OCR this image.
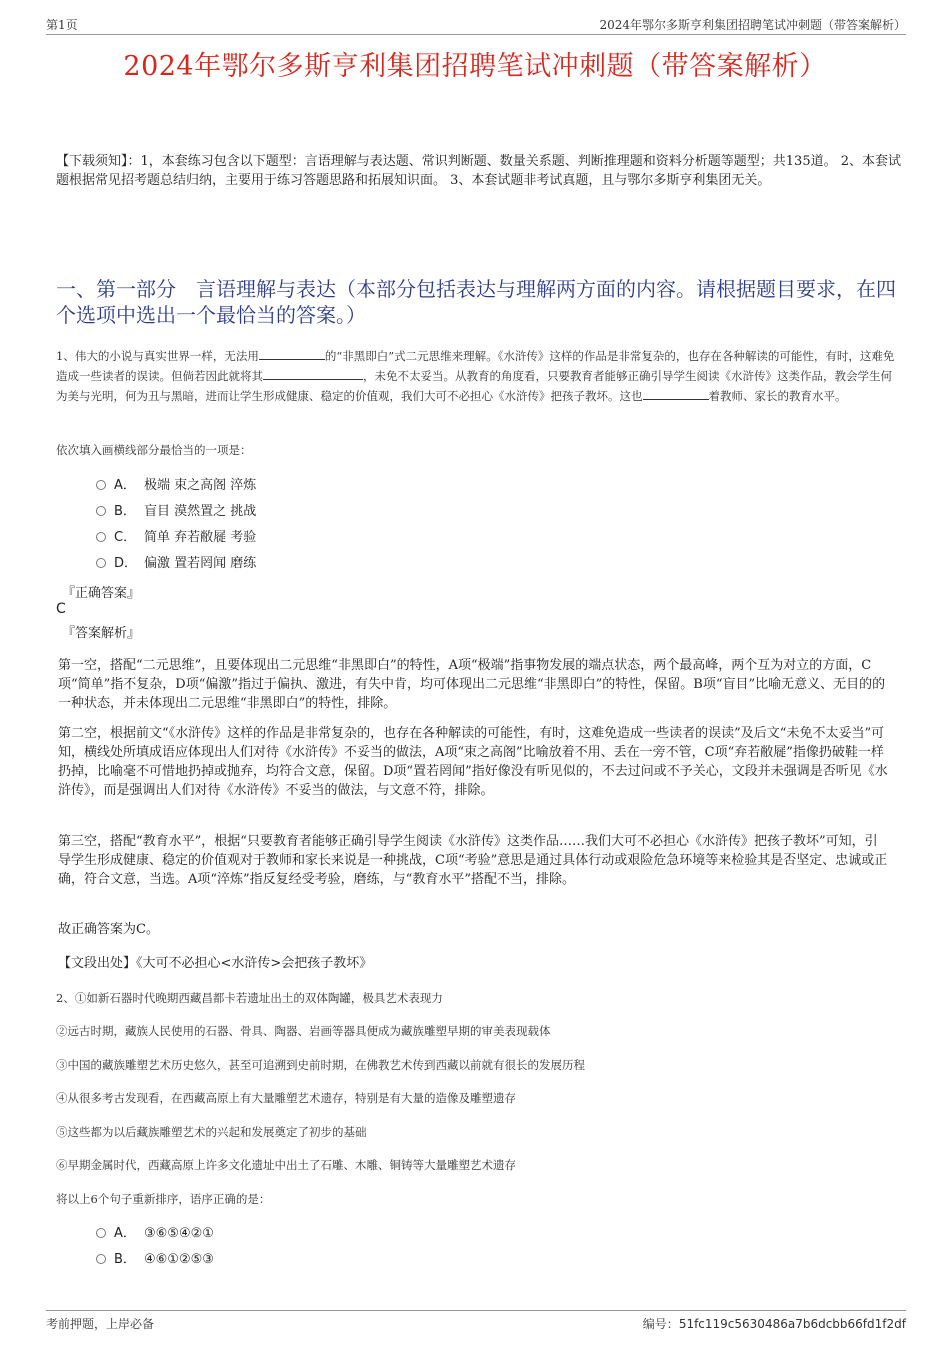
第1页	2024年鄂尔多斯亨利集团招聘笔试冲刺题（带答案解析）
2024年鄂尔多斯亨利集团招聘笔试冲刺题（带答案解析）
【下载须知】：1，本套练习包含以下题型：言语理解与表达题、常识判断题、数量关系题、判断推理题和资料分析题等题型；共135道。 2、本套试题根据常见招考题总结归纳，主要用于练习答题思路和拓展知识面。 3、本套试题非考试真题，且与鄂尔多斯亨利集团无关。
一、第一部分　言语理解与表达（本部分包括表达与理解两方面的内容。请根据题目要求，在四个选项中选出一个最恰当的答案。）
1、伟大的小说与真实世界一样，无法用	的“非黑即白”式二元思维来理解。《水浒传》这样的作品是非常复杂的，也存在各种解读的可能性，有时，这难免造成一些读者的误读。但倘若因此就将其	，未免不太妥当。从教育的角度看，只要教育者能够正确引导学生阅读《水浒传》这类作品，教会学生何为美与光明，何为丑与黑暗，进而让学生形成健康、稳定的价值观，我们大可不必担心《水浒传》把孩子教坏。这也	着教师、家长的教育水平。
依次填入画横线部分最恰当的一项是：
A． 极端 束之高阁 淬炼
B． 盲目 漠然置之 挑战
C． 简单 弃若敝屣 考验
D． 偏激 置若罔闻 磨练
『正确答案』
C
『答案解析』
第一空，搭配“二元思维”，且要体现出二元思维“非黑即白”的特性，A项“极端”指事物发展的端点状态，两个最高峰，两个互为对立的方面，C项“简单”指不复杂，D项“偏激”指过于偏执、激进，有失中肯，均可体现出二元思维“非黑即白”的特性，保留。B项“盲目”比喻无意义、无目的的一种状态，并未体现出二元思维“非黑即白”的特性，排除。
第二空，根据前文“《水浒传》这样的作品是非常复杂的，也存在各种解读的可能性，有时，这难免造成一些读者的误读”及后文“未免不太妥当”可知，横线处所填成语应体现出人们对待《水浒传》不妥当的做法，A项“束之高阁”比喻放着不用、丢在一旁不管，C项“弃若敝屣”指像扔破鞋一样扔掉，比喻毫不可惜地扔掉或抛弃，均符合文意，保留。D项“置若罔闻”指好像没有听见似的，不去过问或不予关心，文段并未强调是否听见《水浒传》，而是强调出人们对待《水浒传》不妥当的做法，与文意不符，排除。
第三空，搭配“教育水平”，根据“只要教育者能够正确引导学生阅读《水浒传》这类作品……我们大可不必担心《水浒传》把孩子教坏”可知，引导学生形成健康、稳定的价值观对于教师和家长来说是一种挑战，C项“考验”意思是通过具体行动或艰险危急环境等来检验其是否坚定、忠诚或正确，符合文意，当选。A项“淬炼”指反复经受考验，磨练，与“教育水平”搭配不当，排除。
故正确答案为C。
【文段出处】《大可不必担心<水浒传>会把孩子教坏》
2、①如新石器时代晚期西藏昌都卡若遗址出土的双体陶罐，极具艺术表现力
②远古时期，藏族人民使用的石器、骨具、陶器、岩画等器具便成为藏族雕塑早期的审美表现载体
③中国的藏族雕塑艺术历史悠久，甚至可追溯到史前时期，在佛教艺术传到西藏以前就有很长的发展历程
④从很多考古发现看，在西藏高原上有大量雕塑艺术遗存，特别是有大量的造像及雕塑遗存
⑤这些都为以后藏族雕塑艺术的兴起和发展奠定了初步的基础
⑥早期金属时代，西藏高原上许多文化遗址中出土了石雕、木雕、铜铸等大量雕塑艺术遗存
将以上6个句子重新排序，语序正确的是：
A． ③⑥⑤④②①
B． ④⑥①②⑤③
考前押题，上岸必备	编号：51fc119c5630486a7b6dcbb66fd1f2df
